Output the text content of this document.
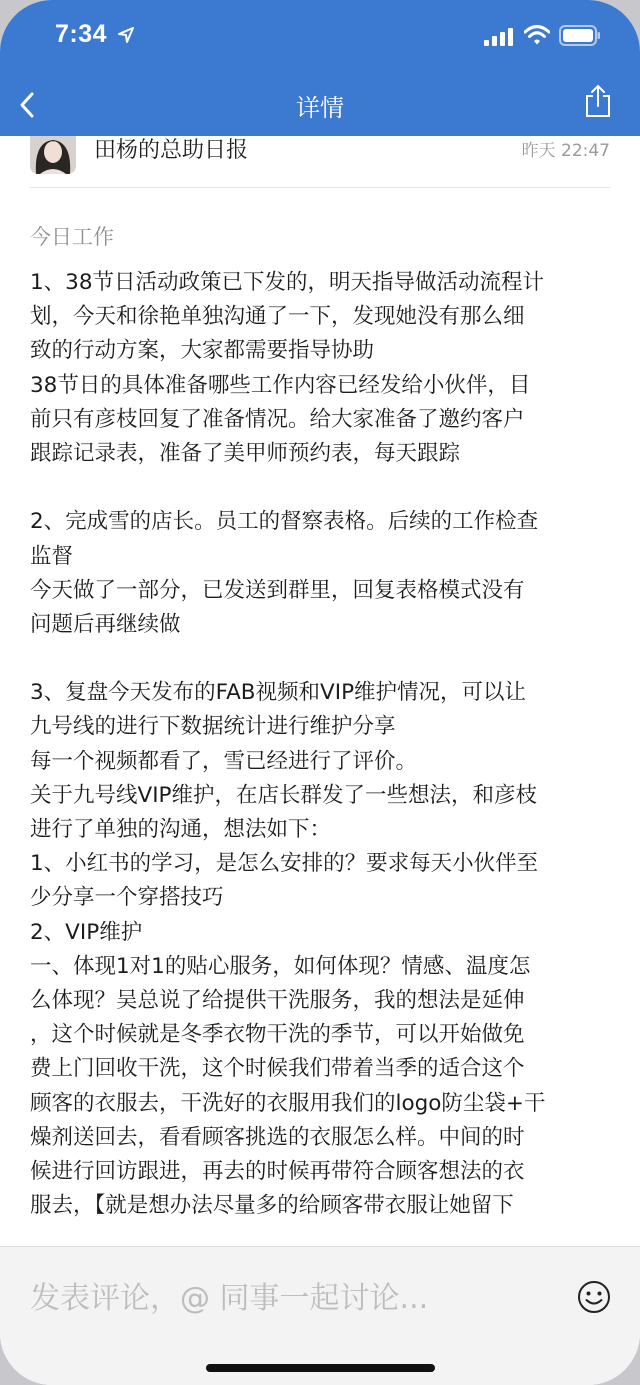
7:34
详情
田杨的总助日报	昨天 22:47
今日工作
1、38节日活动政策已下发的，明天指导做活动流程计
划，今天和徐艳单独沟通了一下，发现她没有那么细
致的行动方案，大家都需要指导协助
38节日的具体准备哪些工作内容已经发给小伙伴，目
前只有彦枝回复了准备情况。给大家准备了邀约客户
跟踪记录表，准备了美甲师预约表，每天跟踪
2、完成雪的店长。员工的督察表格。后续的工作检查
监督
今天做了一部分，已发送到群里，回复表格模式没有
问题后再继续做
3、复盘今天发布的FAB视频和VIP维护情况，可以让
九号线的进行下数据统计进行维护分享
每一个视频都看了，雪已经进行了评价。
关于九号线VIP维护，在店长群发了一些想法，和彦枝
进行了单独的沟通，想法如下：
1、小红书的学习，是怎么安排的？要求每天小伙伴至
少分享一个穿搭技巧
2、VIP维护
一、体现1对1的贴心服务，如何体现？情感、温度怎
么体现？吴总说了给提供干洗服务，我的想法是延伸
，这个时候就是冬季衣物干洗的季节，可以开始做免
费上门回收干洗，这个时候我们带着当季的适合这个
顾客的衣服去，干洗好的衣服用我们的logo防尘袋+干
燥剂送回去，看看顾客挑选的衣服怎么样。中间的时
候进行回访跟进，再去的时候再带符合顾客想法的衣
服去，【就是想办法尽量多的给顾客带衣服让她留下
发表评论，@ 同事一起讨论...
